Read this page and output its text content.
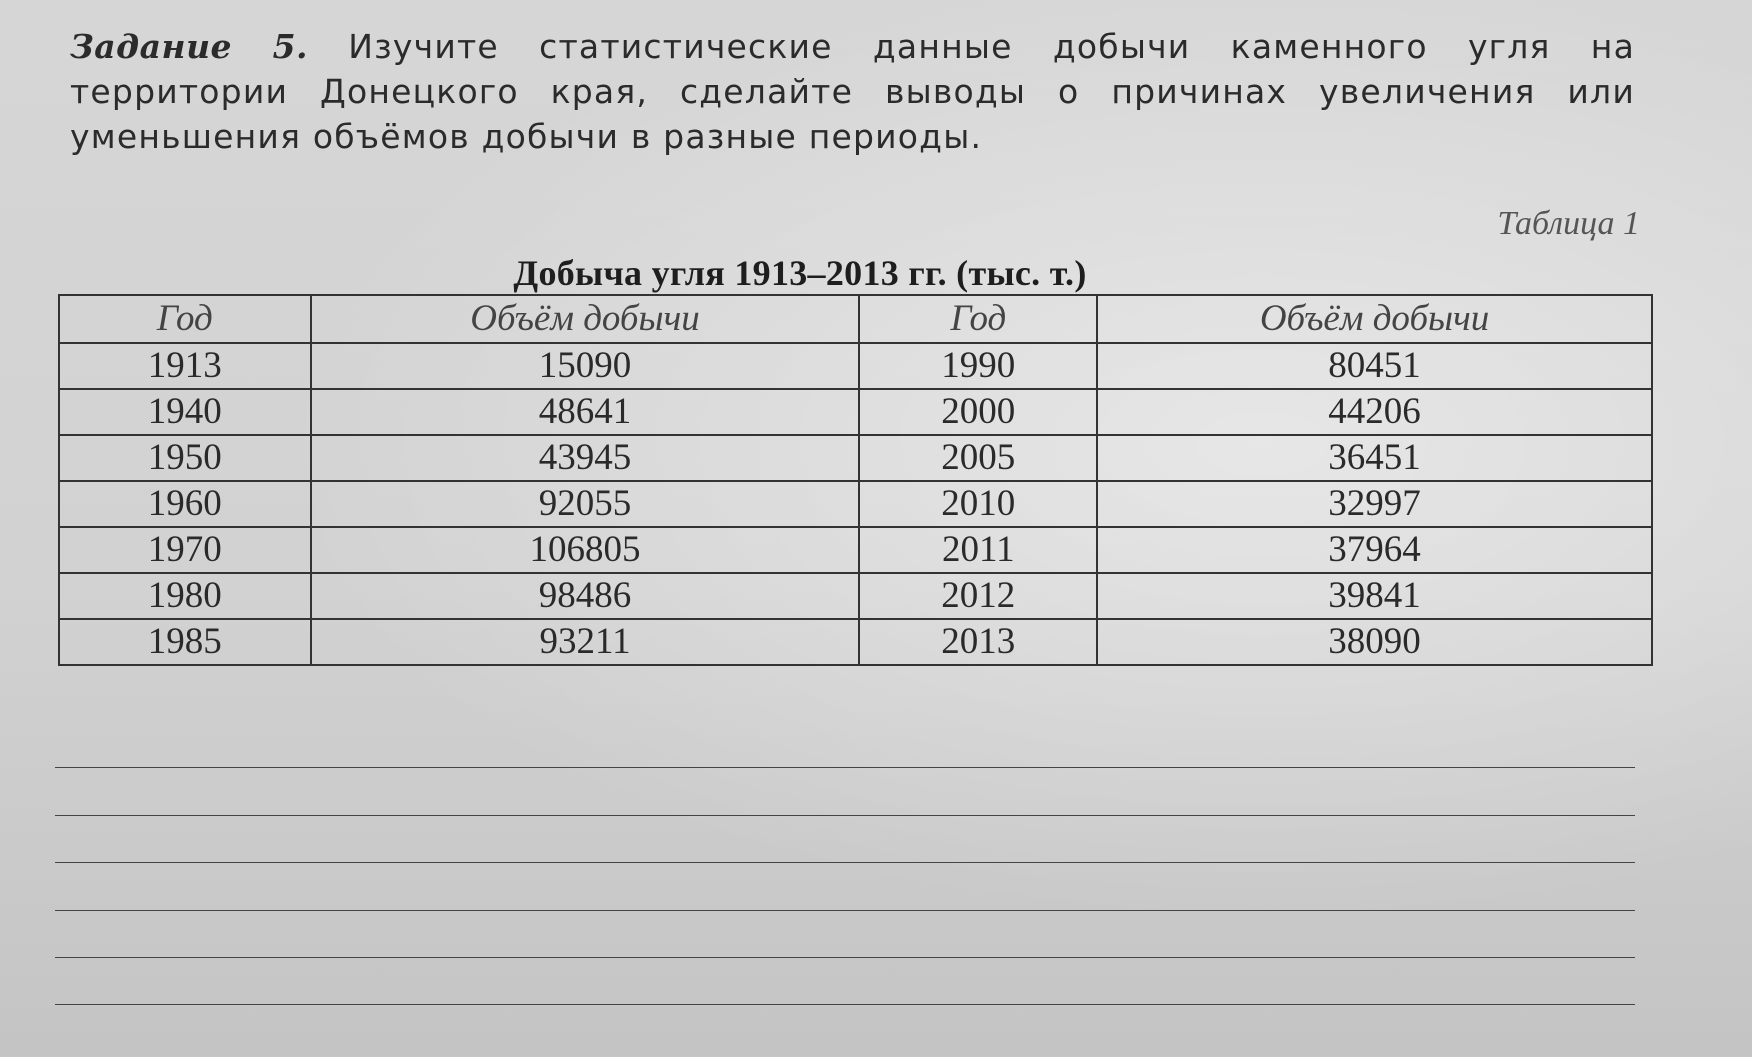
Задание 5. Изучите статистические данные добычи каменного угля на территории Донецкого края, сделайте выводы о причинах увеличения или уменьшения объёмов добычи в разные периоды.
Таблица 1
Добыча угля 1913–2013 гг. (тыс. т.)
Год	Объём добычи	Год	Объём добычи
1913	15090	1990	80451
1940	48641	2000	44206
1950	43945	2005	36451
1960	92055	2010	32997
1970	106805	2011	37964
1980	98486	2012	39841
1985	93211	2013	38090
